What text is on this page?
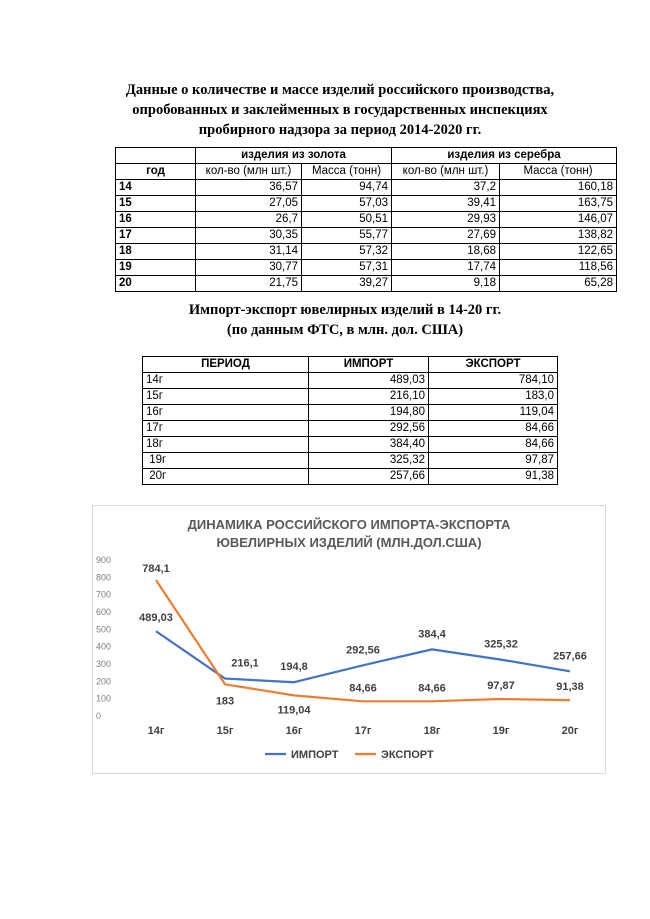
Данные о количестве и массе изделий российского производства,
опробованных и заклейменных в государственных инспекциях
пробирного надзора за период 2014-2020 гг.
	изделия из золота		изделия из серебра	
год	кол-во (млн шт.)	Масса (тонн)	кол-во (млн шт.)	Масса (тонн)
14	36,57	94,74	37,2	160,18
15	27,05	57,03	39,41	163,75
16	26,7	50,51	29,93	146,07
17	30,35	55,77	27,69	138,82
18	31,14	57,32	18,68	122,65
19	30,77	57,31	17,74	118,56
20	21,75	39,27	9,18	65,28
Импорт-экспорт ювелирных изделий в 14-20 гг.
(по данным ФТС, в млн. дол. США)
ПЕРИОД	ИМПОРТ	ЭКСПОРТ
14г	489,03	784,10
15г	216,10	183,0
16г	194,80	119,04
17г	292,56	84,66
18г	384,40	84,66
19г	325,32	97,87
20г	257,66	91,38
ДИНАМИКА РОССИЙСКОГО ИМПОРТА-ЭКСПОРТА
ЮВЕЛИРНЫХ ИЗДЕЛИЙ (МЛН.ДОЛ.США)
0
100
200
300
400
500
600
700
800
900
14г	15г	16г	17г	18г	19г	20г
489,03
216,1 194,8
292,56
384,4
325,32
257,66
784,1
183
119,04
84,66	84,66	97,87	91,38
ИМПОРТ	ЭКСПОРТ
